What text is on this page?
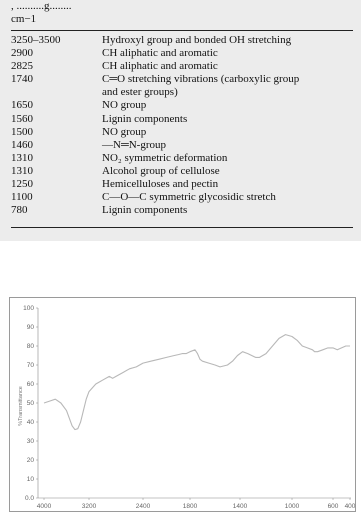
, ..........g........
cm−1
3250–3500	Hydroxyl group and bonded OH stretching
2900	CH aliphatic and aromatic
2825	CH aliphatic and aromatic
1740	C═O stretching vibrations (carboxylic group
and ester groups)
1650	NO group
1560	Lignin components
1500	NO group
1460	—N═N-group
1310	NO₂ symmetric deformation
1310	Alcohol group of cellulose
1250	Hemicelluloses and pectin
1100	C—O—C symmetric glycosidic stretch
780	Lignin components
0.0
10
20
30
40
50
60
70
80
90
100
4000	3200	2400	1800	1400	1000	600 400
%Transmittance
